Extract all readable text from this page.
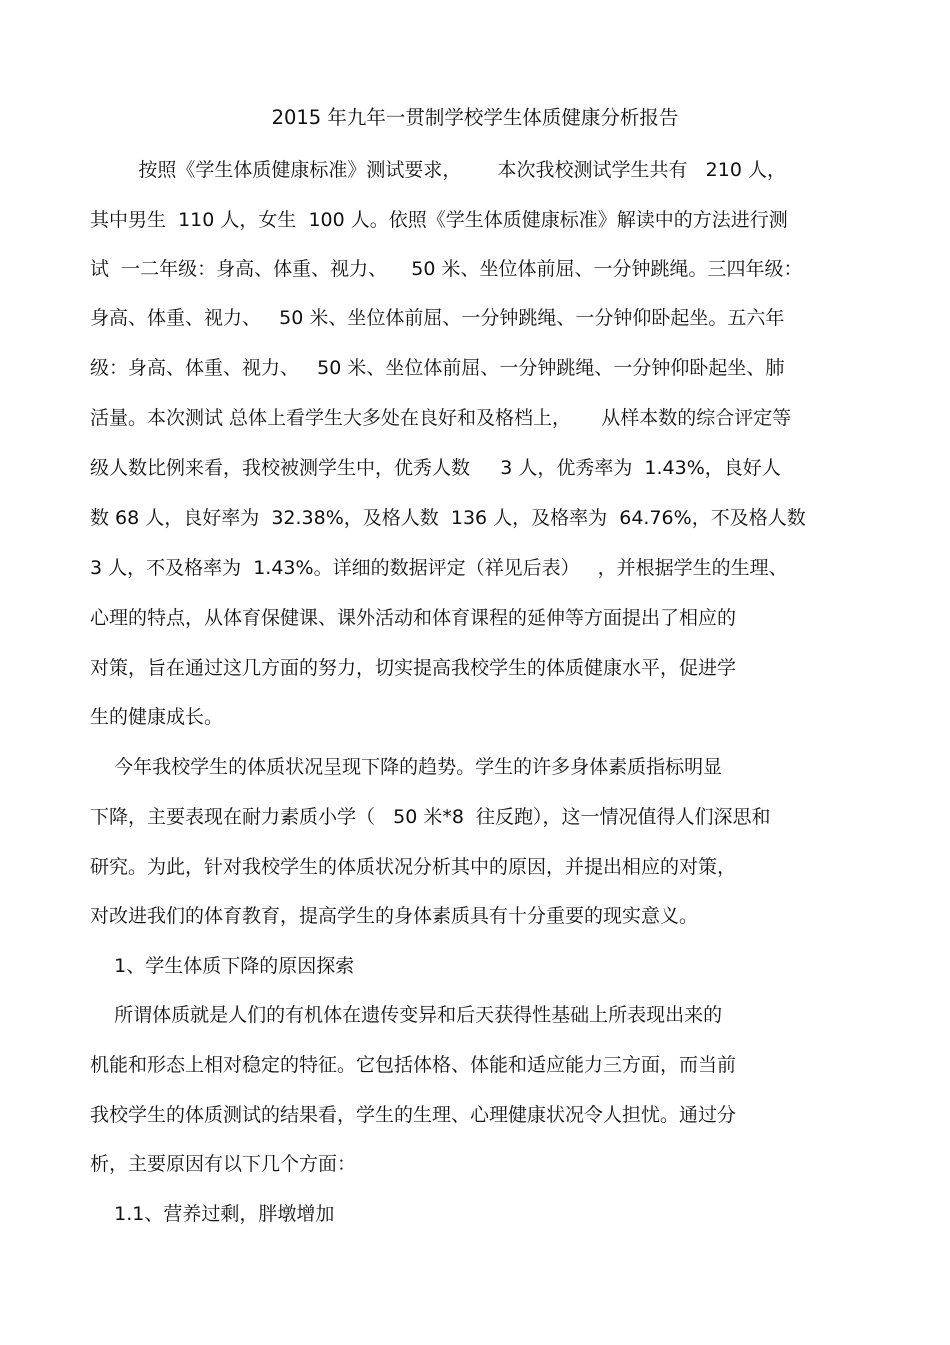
2015 年九年一贯制学校学生体质健康分析报告
按照《学生体质健康标准》测试要求，      本次我校测试学生共有   210 人，
其中男生  110 人，女生  100 人。依照《学生体质健康标准》解读中的方法进行测
试  一二年级：身高、体重、视力、    50 米、坐位体前屈、一分钟跳绳。三四年级：
身高、体重、视力、   50 米、坐位体前屈、一分钟跳绳、一分钟仰卧起坐。五六年
级：身高、体重、视力、   50 米、坐位体前屈、一分钟跳绳、一分钟仰卧起坐、肺
活量。本次测试 总体上看学生大多处在良好和及格档上，     从样本数的综合评定等
级人数比例来看，我校被测学生中，优秀人数     3 人，优秀率为  1.43%，良好人
数 68 人，良好率为  32.38%，及格人数  136 人，及格率为  64.76%，不及格人数
3 人，不及格率为  1.43%。详细的数据评定（祥见后表）   ，并根据学生的生理、
心理的特点，从体育保健课、课外活动和体育课程的延伸等方面提出了相应的
对策，旨在通过这几方面的努力，切实提高我校学生的体质健康水平，促进学
生的健康成长。
今年我校学生的体质状况呈现下降的趋势。学生的许多身体素质指标明显
下降，主要表现在耐力素质小学（   50 米*8  往反跑），这一情况值得人们深思和
研究。为此，针对我校学生的体质状况分析其中的原因，并提出相应的对策，
对改进我们的体育教育，提高学生的身体素质具有十分重要的现实意义。
1、学生体质下降的原因探索
所谓体质就是人们的有机体在遗传变异和后天获得性基础上所表现出来的
机能和形态上相对稳定的特征。它包括体格、体能和适应能力三方面，而当前
我校学生的体质测试的结果看，学生的生理、心理健康状况令人担忧。通过分
析，主要原因有以下几个方面：
1.1、营养过剩，胖墩增加
